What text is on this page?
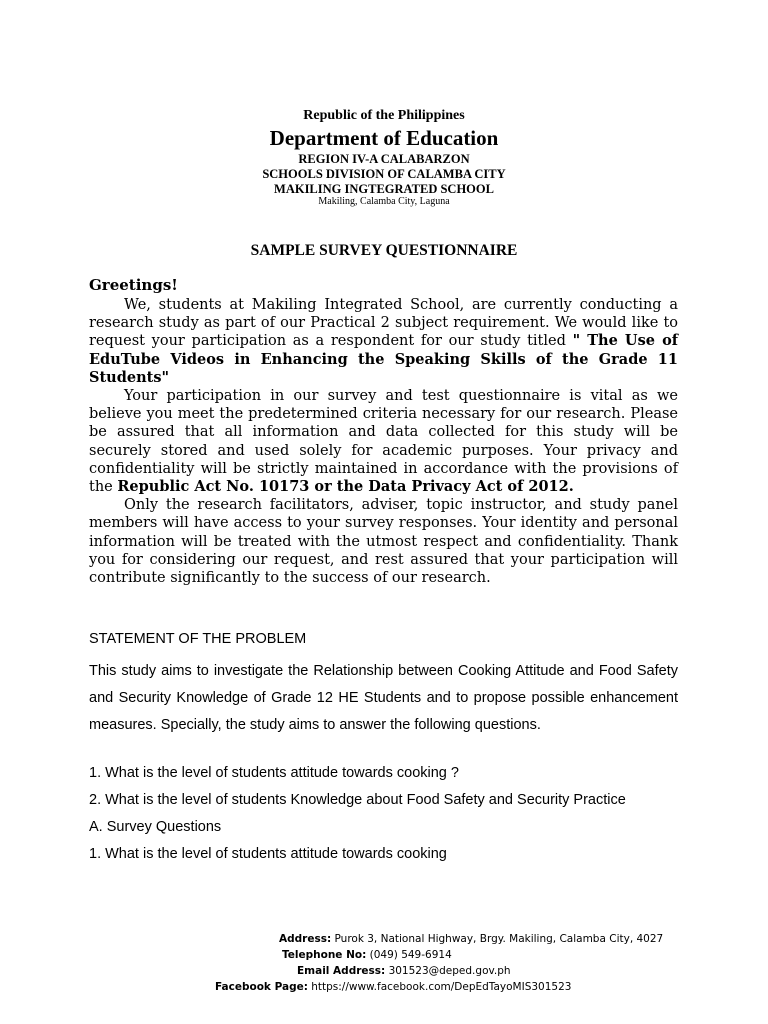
Republic of the Philippines
Department of Education
REGION IV-A CALABARZON
SCHOOLS DIVISION OF CALAMBA CITY
MAKILING INGTEGRATED SCHOOL
Makiling, Calamba City, Laguna
SAMPLE SURVEY QUESTIONNAIRE
Greetings!

We, students at Makiling Integrated School, are currently conducting a research study as part of our Practical 2 subject requirement. We would like to request your participation as a respondent for our study titled " The Use of EduTube Videos in Enhancing the Speaking Skills of the Grade 11 Students"

Your participation in our survey and test questionnaire is vital as we believe you meet the predetermined criteria necessary for our research. Please be assured that all information and data collected for this study will be securely stored and used solely for academic purposes. Your privacy and confidentiality will be strictly maintained in accordance with the provisions of the Republic Act No. 10173 or the Data Privacy Act of 2012.

Only the research facilitators, adviser, topic instructor, and study panel members will have access to your survey responses. Your identity and personal information will be treated with the utmost respect and confidentiality. Thank you for considering our request, and rest assured that your participation will contribute significantly to the success of our research.

STATEMENT OF THE PROBLEM
This study aims to investigate the Relationship between Cooking Attitude and Food Safety and Security Knowledge of Grade 12 HE Students and to propose possible enhancement measures. Specially, the study aims to answer the following questions.
1. What is the level of students attitude towards cooking ?
2. What is the level of students Knowledge about Food Safety and Security Practice
A. Survey Questions
1. What is the level of students attitude towards cooking
Address: Purok 3, National Highway, Brgy. Makiling, Calamba City, 4027
Telephone No: (049) 549-6914
Email Address: 301523@deped.gov.ph
Facebook Page: https://www.facebook.com/DepEdTayoMIS301523
